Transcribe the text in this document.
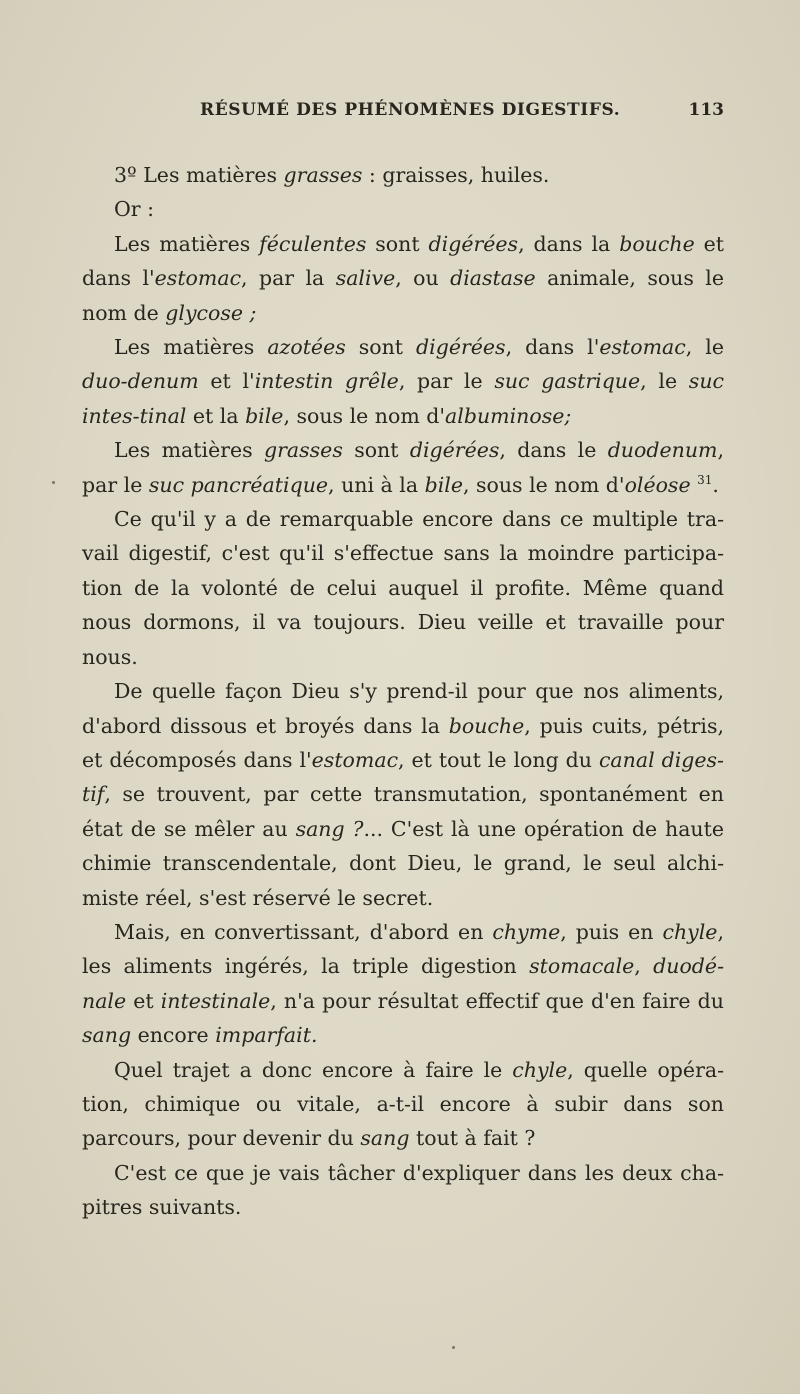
RÉSUMÉ DES PHÉNOMÈNES DIGESTIFS.	113

3º Les matières grasses : graisses, huiles.

Or :

Les matières féculentes sont digérées, dans la bouche et dans l'estomac, par la salive, ou diastase animale, sous le nom de glycose ;

Les matières azotées sont digérées, dans l'estomac, le duo-denum et l'intestin grêle, par le suc gastrique, le suc intes-tinal et la bile, sous le nom d'albuminose;

Les matières grasses sont digérées, dans le duodenum, par le suc pancréatique, uni à la bile, sous le nom d'oléose $^{31}$.

Ce qu'il y a de remarquable encore dans ce multiple tra-vail digestif, c'est qu'il s'effectue sans la moindre participa-tion de la volonté de celui auquel il profite. Même quand nous dormons, il va toujours. Dieu veille et travaille pour nous.

De quelle façon Dieu s'y prend-il pour que nos aliments, d'abord dissous et broyés dans la bouche, puis cuits, pétris, et décomposés dans l'estomac, et tout le long du canal diges-tif, se trouvent, par cette transmutation, spontanément en état de se mêler au sang ?... C'est là une opération de haute chimie transcendentale, dont Dieu, le grand, le seul alchi-miste réel, s'est réservé le secret.

Mais, en convertissant, d'abord en chyme, puis en chyle, les aliments ingérés, la triple digestion stomacale, duodé-nale et intestinale, n'a pour résultat effectif que d'en faire du sang encore imparfait.

Quel trajet a donc encore à faire le chyle, quelle opéra-tion, chimique ou vitale, a-t-il encore à subir dans son parcours, pour devenir du sang tout à fait ?

C'est ce que je vais tâcher d'expliquer dans les deux cha-pitres suivants.
